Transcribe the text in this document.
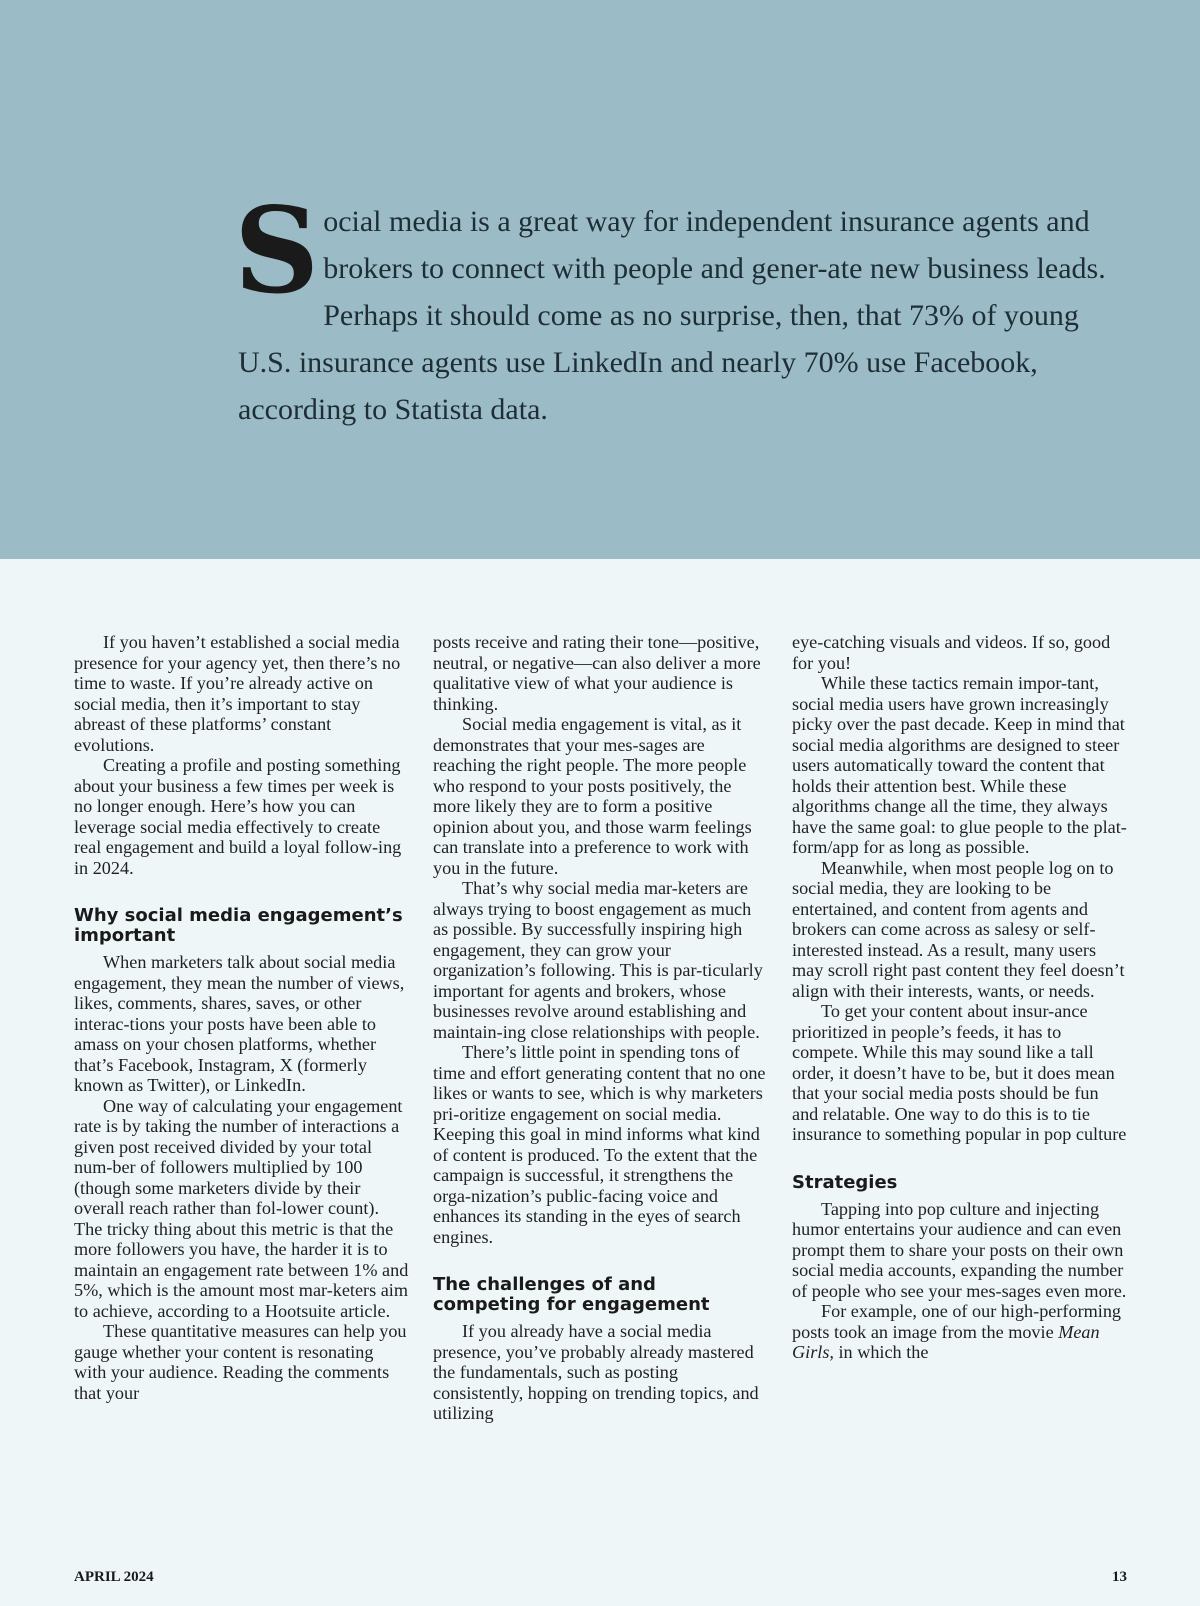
Social media is a great way for independent insurance agents and brokers to connect with people and gener-ate new business leads. Perhaps it should come as no surprise, then, that 73% of young U.S. insurance agents use LinkedIn and nearly 70% use Facebook, according to Statista data.

If you haven’t established a social media presence for your agency yet, then there’s no time to waste. If you’re already active on social media, then it’s important to stay abreast of these platforms’ constant evolutions.

Creating a profile and posting something about your business a few times per week is no longer enough. Here’s how you can leverage social media effectively to create real engagement and build a loyal follow-ing in 2024.

Why social media engagement’s important

When marketers talk about social media engagement, they mean the number of views, likes, comments, shares, saves, or other interac-tions your posts have been able to amass on your chosen platforms, whether that’s Facebook, Instagram, X (formerly known as Twitter), or LinkedIn.

One way of calculating your engagement rate is by taking the number of interactions a given post received divided by your total num-ber of followers multiplied by 100 (though some marketers divide by their overall reach rather than fol-lower count). The tricky thing about this metric is that the more followers you have, the harder it is to maintain an engagement rate between 1% and 5%, which is the amount most mar-keters aim to achieve, according to a Hootsuite article.

These quantitative measures can help you gauge whether your content is resonating with your audience. Reading the comments that your

posts receive and rating their tone—positive, neutral, or negative—can also deliver a more qualitative view of what your audience is thinking.

Social media engagement is vital, as it demonstrates that your mes-sages are reaching the right people. The more people who respond to your posts positively, the more likely they are to form a positive opinion about you, and those warm feelings can translate into a preference to work with you in the future.

That’s why social media mar-keters are always trying to boost engagement as much as possible. By successfully inspiring high engagement, they can grow your organization’s following. This is par-ticularly important for agents and brokers, whose businesses revolve around establishing and maintain-ing close relationships with people.

There’s little point in spending tons of time and effort generating content that no one likes or wants to see, which is why marketers pri-oritize engagement on social media. Keeping this goal in mind informs what kind of content is produced. To the extent that the campaign is successful, it strengthens the orga-nization’s public-facing voice and enhances its standing in the eyes of search engines.

The challenges of and competing for engagement

If you already have a social media presence, you’ve probably already mastered the fundamentals, such as posting consistently, hopping on trending topics, and utilizing

eye-catching visuals and videos. If so, good for you!

While these tactics remain impor-tant, social media users have grown increasingly picky over the past decade. Keep in mind that social media algorithms are designed to steer users automatically toward the content that holds their attention best. While these algorithms change all the time, they always have the same goal: to glue people to the plat-form/app for as long as possible.

Meanwhile, when most people log on to social media, they are looking to be entertained, and content from agents and brokers can come across as salesy or self-interested instead. As a result, many users may scroll right past content they feel doesn’t align with their interests, wants, or needs.

To get your content about insur-ance prioritized in people’s feeds, it has to compete. While this may sound like a tall order, it doesn’t have to be, but it does mean that your social media posts should be fun and relatable. One way to do this is to tie insurance to something popular in pop culture

Strategies

Tapping into pop culture and injecting humor entertains your audience and can even prompt them to share your posts on their own social media accounts, expanding the number of people who see your mes-sages even more.

For example, one of our high-performing posts took an image from the movie Mean Girls, in which the

APRIL 2024	13
